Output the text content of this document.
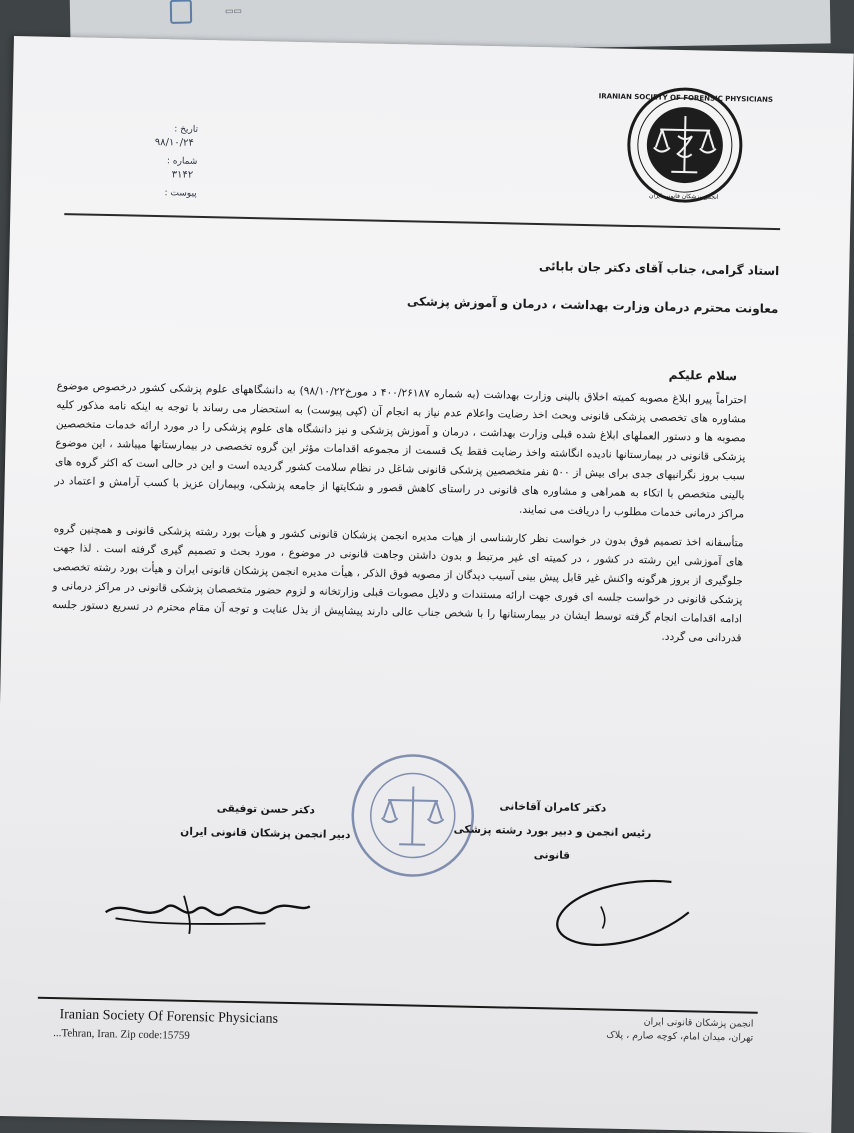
▭▭
IRANIAN SOCIETY OF FORENSIC PHYSICIANS
انجمن پزشکان قانونی ایران
تاریخ :
۹۸/۱۰/۲۴
شماره :
۳۱۴۲
پیوست :
استاد گرامی، جناب آقای دکتر جان بابائی
معاونت محترم درمان وزارت بهداشت ، درمان و آموزش پزشکی
سلام علیکم

احتراماً پیرو ابلاغ مصوبه کمیته اخلاق بالینی وزارت بهداشت (به شماره ۴۰۰/۲۶۱۸۷ د مورخ۹۸/۱۰/۲۲) به دانشگاههای علوم پزشکی کشور درخصوص موضوع مشاوره های تخصصی پزشکی قانونی وبحث اخذ رضایت واعلام عدم نیاز به انجام آن (کپی پیوست) به استحضار می رساند با توجه به اینکه نامه مذکور کلیه مصوبه ها و دستور العملهای ابلاغ شده قبلی وزارت بهداشت ، درمان و آموزش پزشکی و نیز دانشگاه های علوم پزشکی را در مورد ارائه خدمات متخصصین پزشکی قانونی در بیمارستانها نادیده انگاشته واخذ رضایت فقط یک قسمت از مجموعه اقدامات مؤثر این گروه تخصصی در بیمارستانها میباشد ، این موضوع سبب بروز نگرانیهای جدی برای بیش از ۵۰۰ نفر متخصصین پزشکی قانونی شاغل در نظام سلامت کشور گردیده است و این در حالی است که اکثر گروه های بالینی متخصص با اتکاء به همراهی و مشاوره های قانونی در راستای کاهش قصور و شکایتها از جامعه پزشکی، وبیماران عزیز با کسب آرامش و اعتماد در مراکز درمانی خدمات مطلوب را دریافت می نمایند.

متأسفانه اخذ تصمیم فوق بدون در خواست نظر کارشناسی از هیات مدیره انجمن پزشکان قانونی کشور و هیأت بورد رشته پزشکی قانونی و همچنین گروه های آموزشی این رشته در کشور ، در کمیته ای غیر مرتبط و بدون داشتن وجاهت قانونی در موضوع ، مورد بحث و تصمیم گیری گرفته است . لذا جهت جلوگیری از بروز هرگونه واکنش غیر قابل پیش بینی آسیب دیدگان از مصوبه فوق الذکر ، هیأت مدیره انجمن پزشکان قانونی ایران و هیأت بورد رشته تخصصی پزشکی قانونی در خواست جلسه ای فوری جهت ارائه مستندات و دلایل مصوبات قبلی وزارتخانه و لزوم حضور متخصصان پزشکی قانونی در مراکز درمانی و ادامه اقدامات انجام گرفته توسط ایشان در بیمارستانها را با شخص جناب عالی دارند پیشاپیش از بذل عنایت و توجه آن مقام محترم در تسریع دستور جلسه قدردانی می گردد.

دکتر کامران آقاخانی
رئیس انجمن و دبیر بورد رشته پزشکی قانونی
دکتر حسن توفیقی
دبیر انجمن پزشکان قانونی ایران
Iranian Society Of Forensic Physicians	انجمن پزشکان قانونی ایران
تهران، میدان امام، کوچه صارم ، پلاک
...Tehran, Iran. Zip code:15759
